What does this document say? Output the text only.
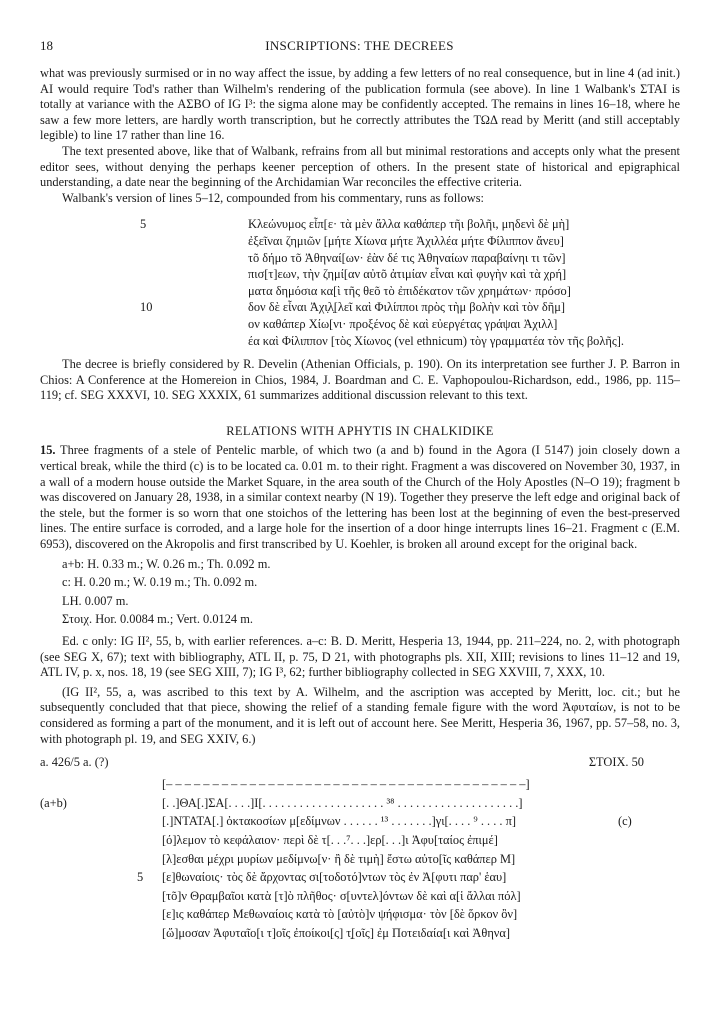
18	INSCRIPTIONS: THE DECREES

what was previously surmised or in no way affect the issue, by adding a few letters of no real consequence, but in line 4 (ad init.) AI would require Tod's rather than Wilhelm's rendering of the publication formula (see above). In line 1 Walbank's ΣΤΑΙ is totally at variance with the ΑΣΒΟ of IG I³: the sigma alone may be confidently accepted. The remains in lines 16–18, where he saw a few more letters, are hardly worth transcription, but he correctly attributes the ΤΩΔ read by Meritt (and still acceptably legible) to line 17 rather than line 16.

The text presented above, like that of Walbank, refrains from all but minimal restorations and accepts only what the present editor sees, without denying the perhaps keener perception of others. In the present state of historical and epigraphical understanding, a date near the beginning of the Archidamian War reconciles the effective criteria.

Walbank's version of lines 5–12, compounded from his commentary, runs as follows:

5	Κλεώνυμος εἶπ[ε· τὰ μὲν ἄλλα καθάπερ τῆι βολῆι, μηδενὶ δὲ μὴ]
ἐξεῖναι ζημιῶν [μήτε Χίωνα μήτε Ἀχιλλέα μήτε Φίλιππον ἄνευ]
τõ δήμο τõ Ἀθηναί[ων· ἐὰν δέ τις Ἀθηναίων παραβαίνηι τι τῶν]
πισ[τ]εων, τὴν ζημί[αν αὐτõ ἀτιμίαν εἶναι καὶ φυγὴν καὶ τὰ χρή]
ματα δημόσια κα[ὶ τῆς θεõ τὸ ἐπιδέκατον τῶν χρημάτων· πρόσο]
10	δον δὲ εἶναι Ἀχι̣λ̣[λεῖ καὶ Φιλίπποι πρὸς τὴμ βολὴν καὶ τὸν δῆμ]
ον καθάπερ Χίω[νι· προξένος δὲ καὶ εὐεργέτας γράψαι Ἀχιλλ]
έα καὶ Φίλιππον [τὸς Χίωνος (vel ethnicum) τὸγ γραμματέα τὸν τῆς βολῆς].

The decree is briefly considered by R. Develin (Athenian Officials, p. 190). On its interpretation see further J. P. Barron in Chios: A Conference at the Homereion in Chios, 1984, J. Boardman and C. E. Vaphopoulou-Richardson, edd., 1986, pp. 115–119; cf. SEG XXXVI, 10. SEG XXXIX, 61 summarizes additional discussion relevant to this text.

RELATIONS WITH APHYTIS IN CHALKIDIKE

15. Three fragments of a stele of Pentelic marble, of which two (a and b) found in the Agora (I 5147) join closely down a vertical break, while the third (c) is to be located ca. 0.01 m. to their right. Fragment a was discovered on November 30, 1937, in a wall of a modern house outside the Market Square, in the area south of the Church of the Holy Apostles (N–O 19); fragment b was discovered on January 28, 1938, in a similar context nearby (N 19). Together they preserve the left edge and original back of the stele, but the former is so worn that one stoichos of the lettering has been lost at the beginning of even the best-preserved lines. The entire surface is corroded, and a large hole for the insertion of a door hinge interrupts lines 16–21. Fragment c (E.M. 6953), discovered on the Akropolis and first transcribed by U. Koehler, is broken all around except for the original back.

a+b: H. 0.33 m.; W. 0.26 m.; Th. 0.092 m.

c: H. 0.20 m.; W. 0.19 m.; Th. 0.092 m.

LH. 0.007 m.

Στοιχ. Hor. 0.0084 m.; Vert. 0.0124 m.

Ed. c only: IG II², 55, b, with earlier references. a–c: B. D. Meritt, Hesperia 13, 1944, pp. 211–224, no. 2, with photograph (see SEG X, 67); text with bibliography, ATL II, p. 75, D 21, with photographs pls. XII, XIII; revisions to lines 11–12 and 19, ATL IV, p. x, nos. 18, 19 (see SEG XIII, 7); IG I³, 62; further bibliography collected in SEG XXVIII, 7, XXX, 10.

(IG II², 55, a, was ascribed to this text by A. Wilhelm, and the ascription was accepted by Meritt, loc. cit.; but he subsequently concluded that that piece, showing the relief of a standing female figure with the word Ἀφυταίων, is not to be considered as forming a part of the monument, and it is left out of account here. See Meritt, Hesperia 36, 1967, pp. 57–58, no. 3, with photograph pl. 19, and SEG XXIV, 6.)

a. 426/5 a. (?)	ΣΤΟΙΧ. 50
[– – – – – – – – – – – – – – – – – – – – – – – – – – – – – – – – – – – – – – –]
(a+b)	[. .]ΘΑ[.]ΣΑ[. . . .]Ι[. . . . . . . . . . . . . . . . . . . . ³⁸ . . . . . . . . . . . . . . . . . . . .]
[.]ΝΤΑΤΑ[.] ὀκτακοσίων μ[εδίμνων . . . . . . ¹³ . . . . . . .]γι[. . . . ⁹ . . . . π]	(c)
[ό]λεμον τὸ κεφάλαιον· περὶ δὲ τ[. . .⁷. . .]ερ[. . .]ι Ἀφυ[ταίος ἐπιμέ]
[λ]εσθαι μέχρι μυρίων μεδίμνω[ν· ἢ δὲ τιμὴ] ἔστω αὐτο[ῖς καθάπερ Μ]
5 [ε]θωναίοις· τὸς δὲ ἄρχοντας σι[τοδοτό]ντων τὸς ἐν Ἀ[φυτι παρ' ἑαυ]
[τõ]ν Θραμβαῖοι κατὰ [τ]ὸ πλῆθος· σ[υντελ]όντων δὲ καὶ α[ἱ ἄλλαι πόλ]
[ε]ις καθάπερ Μεθωναίοις κατὰ τὸ [αὐτὸ]ν ψήφισμα· τὸν [δὲ ὅρκον ὂν]
[ὤ]μοσαν Ἀφυταῖο[ι τ]οῖς ἐποίκοι[ς] τ̣[οῖς] ἐμ Ποτειδαία[ι καὶ Ἀθηνα]
